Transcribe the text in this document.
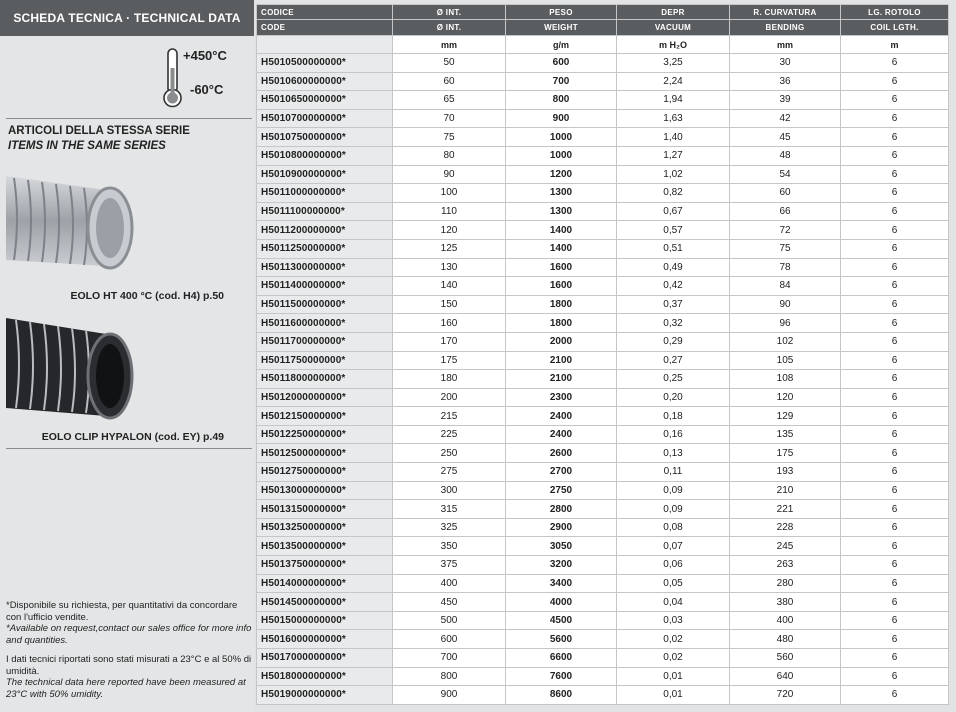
SCHEDA TECNICA · TECHNICAL DATA
+450°C
-60°C
ARTICOLI DELLA STESSA SERIE
ITEMS IN THE SAME SERIES
EOLO HT 400 °C (cod. H4) p.50
EOLO CLIP HYPALON (cod. EY) p.49
*Disponibile su richiesta, per quantitativi da concordare con l'ufficio vendite.
*Available on request,contact our sales office for more info and quantities.
I dati tecnici riportati sono stati misurati a 23°C e al 50% di umidità.
The technical data here reported have been measured at 23°C with 50% umidity.
CODICE	Ø INT.	PESO	DEPR	R. CURVATURA	LG. ROTOLO
CODE	Ø INT.	WEIGHT	VACUUM	BENDING	COIL LGTH.
	mm	g/m	m H₂O	mm	m
H5010500000000*	50	600	3,25	30	6
H5010600000000*	60	700	2,24	36	6
H5010650000000*	65	800	1,94	39	6
H5010700000000*	70	900	1,63	42	6
H5010750000000*	75	1000	1,40	45	6
H5010800000000*	80	1000	1,27	48	6
H5010900000000*	90	1200	1,02	54	6
H5011000000000*	100	1300	0,82	60	6
H5011100000000*	110	1300	0,67	66	6
H5011200000000*	120	1400	0,57	72	6
H5011250000000*	125	1400	0,51	75	6
H5011300000000*	130	1600	0,49	78	6
H5011400000000*	140	1600	0,42	84	6
H5011500000000*	150	1800	0,37	90	6
H5011600000000*	160	1800	0,32	96	6
H5011700000000*	170	2000	0,29	102	6
H5011750000000*	175	2100	0,27	105	6
H5011800000000*	180	2100	0,25	108	6
H5012000000000*	200	2300	0,20	120	6
H5012150000000*	215	2400	0,18	129	6
H5012250000000*	225	2400	0,16	135	6
H5012500000000*	250	2600	0,13	175	6
H5012750000000*	275	2700	0,11	193	6
H5013000000000*	300	2750	0,09	210	6
H5013150000000*	315	2800	0,09	221	6
H5013250000000*	325	2900	0,08	228	6
H5013500000000*	350	3050	0,07	245	6
H5013750000000*	375	3200	0,06	263	6
H5014000000000*	400	3400	0,05	280	6
H5014500000000*	450	4000	0,04	380	6
H5015000000000*	500	4500	0,03	400	6
H5016000000000*	600	5600	0,02	480	6
H5017000000000*	700	6600	0,02	560	6
H5018000000000*	800	7600	0,01	640	6
H5019000000000*	900	8600	0,01	720	6
